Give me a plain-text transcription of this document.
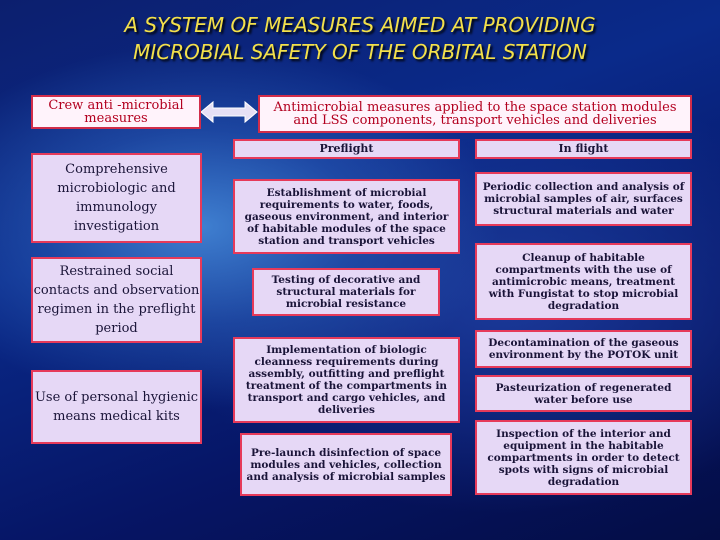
A SYSTEM OF MEASURES AIMED AT PROVIDING
MICROBIAL SAFETY OF THE ORBITAL STATION
Crew anti -microbial measures
Antimicrobial measures applied to the space station modules and LSS components, transport vehicles and deliveries
Preflight	In flight
Comprehensive microbiologic and immunology investigation
Restrained social contacts and observation regimen in the preflight period
Use of personal hygienic means medical kits
Establishment of microbial requirements to water, foods, gaseous environment, and interior of habitable modules of the space station and transport vehicles
Testing of decorative and structural materials for microbial resistance
Implementation of biologic cleanness requirements during assembly, outfitting and preflight treatment of the compartments in transport and cargo vehicles, and deliveries
Pre-launch disinfection of space modules and vehicles, collection and analysis of microbial samples
Periodic collection and analysis of microbial samples of air, surfaces structural materials and water
Cleanup of habitable compartments with the use of antimicrobic means, treatment with Fungistat to stop microbial degradation
Decontamination of the gaseous environment by the POTOK unit
Pasteurization of regenerated water before use
Inspection of the interior and equipment in the habitable compartments in order to detect spots with signs of microbial degradation
